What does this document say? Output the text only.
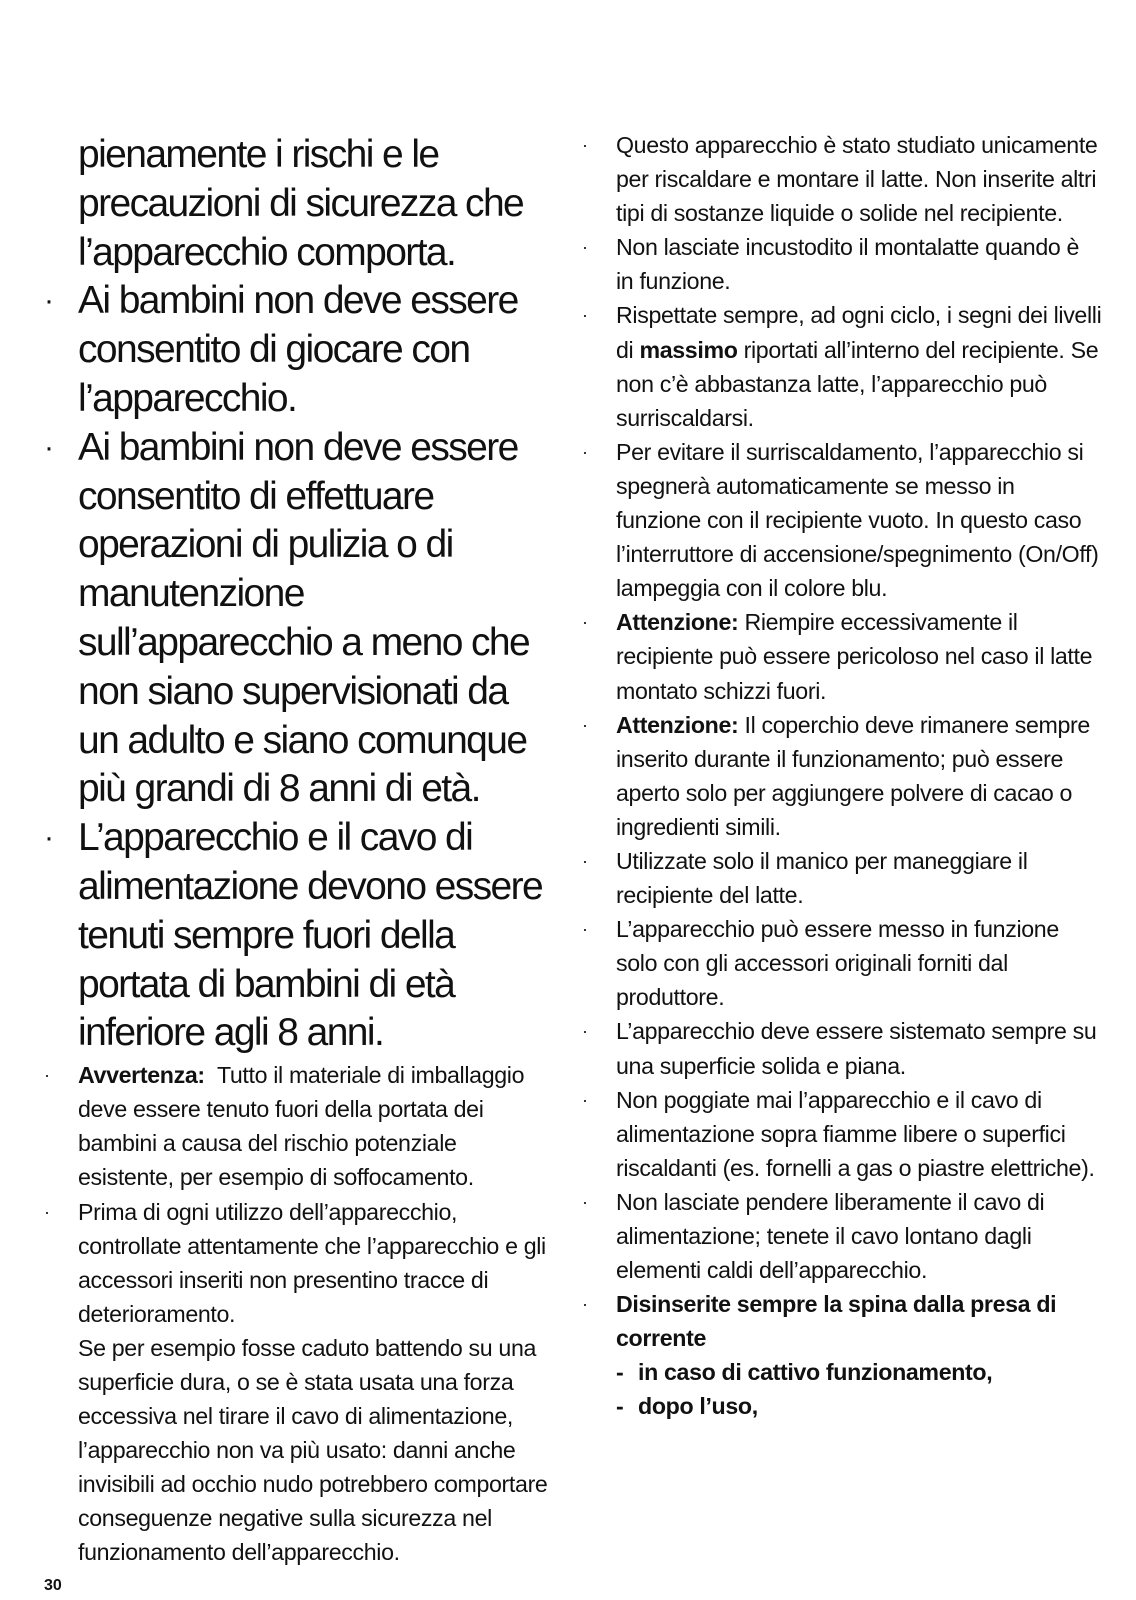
pienamente i rischi e le precauzioni di sicurezza che l’apparecchio comporta.
· Ai bambini non deve essere consentito di giocare con l’apparecchio.
· Ai bambini non deve essere consentito di effettuare operazioni di pulizia o di manutenzione sull’apparecchio a meno che non siano supervisionati da un adulto e siano comunque più grandi di 8 anni di età.
· L’apparecchio e il cavo di alimentazione devono essere tenuti sempre fuori della portata di bambini di età inferiore agli 8 anni.
· Avvertenza: Tutto il materiale di imballaggio deve essere tenuto fuori della portata dei bambini a causa del rischio potenziale esistente, per esempio di soffocamento.
· Prima di ogni utilizzo dell’apparecchio, controllate attentamente che l’apparecchio e gli accessori inseriti non presentino tracce di deterioramento.
Se per esempio fosse caduto battendo su una superficie dura, o se è stata usata una forza eccessiva nel tirare il cavo di alimentazione, l’apparecchio non va più usato: danni anche invisibili ad occhio nudo potrebbero comportare conseguenze negative sulla sicurezza nel funzionamento dell’apparecchio.
· Questo apparecchio è stato studiato unicamente per riscaldare e montare il latte. Non inserite altri tipi di sostanze liquide o solide nel recipiente.
· Non lasciate incustodito il montalatte quando è in funzione.
· Rispettate sempre, ad ogni ciclo, i segni dei livelli di massimo riportati all’interno del recipiente. Se non c’è abbastanza latte, l’apparecchio può surriscaldarsi.
· Per evitare il surriscaldamento, l’apparecchio si spegnerà automaticamente se messo in funzione con il recipiente vuoto. In questo caso l’interruttore di accensione/spegnimento (On/Off) lampeggia con il colore blu.
· Attenzione: Riempire eccessivamente il recipiente può essere pericoloso nel caso il latte montato schizzi fuori.
· Attenzione: Il coperchio deve rimanere sempre inserito durante il funzionamento; può essere aperto solo per aggiungere polvere di cacao o ingredienti simili.
· Utilizzate solo il manico per maneggiare il recipiente del latte.
· L’apparecchio può essere messo in funzione solo con gli accessori originali forniti dal produttore.
· L’apparecchio deve essere sistemato sempre su una superficie solida e piana.
· Non poggiate mai l’apparecchio e il cavo di alimentazione sopra fiamme libere o superfici riscaldanti (es. fornelli a gas o piastre elettriche).
· Non lasciate pendere liberamente il cavo di alimentazione; tenete il cavo lontano dagli elementi caldi dell’apparecchio.
· Disinserite sempre la spina dalla presa di corrente
- in caso di cattivo funzionamento,
- dopo l’uso,
30
